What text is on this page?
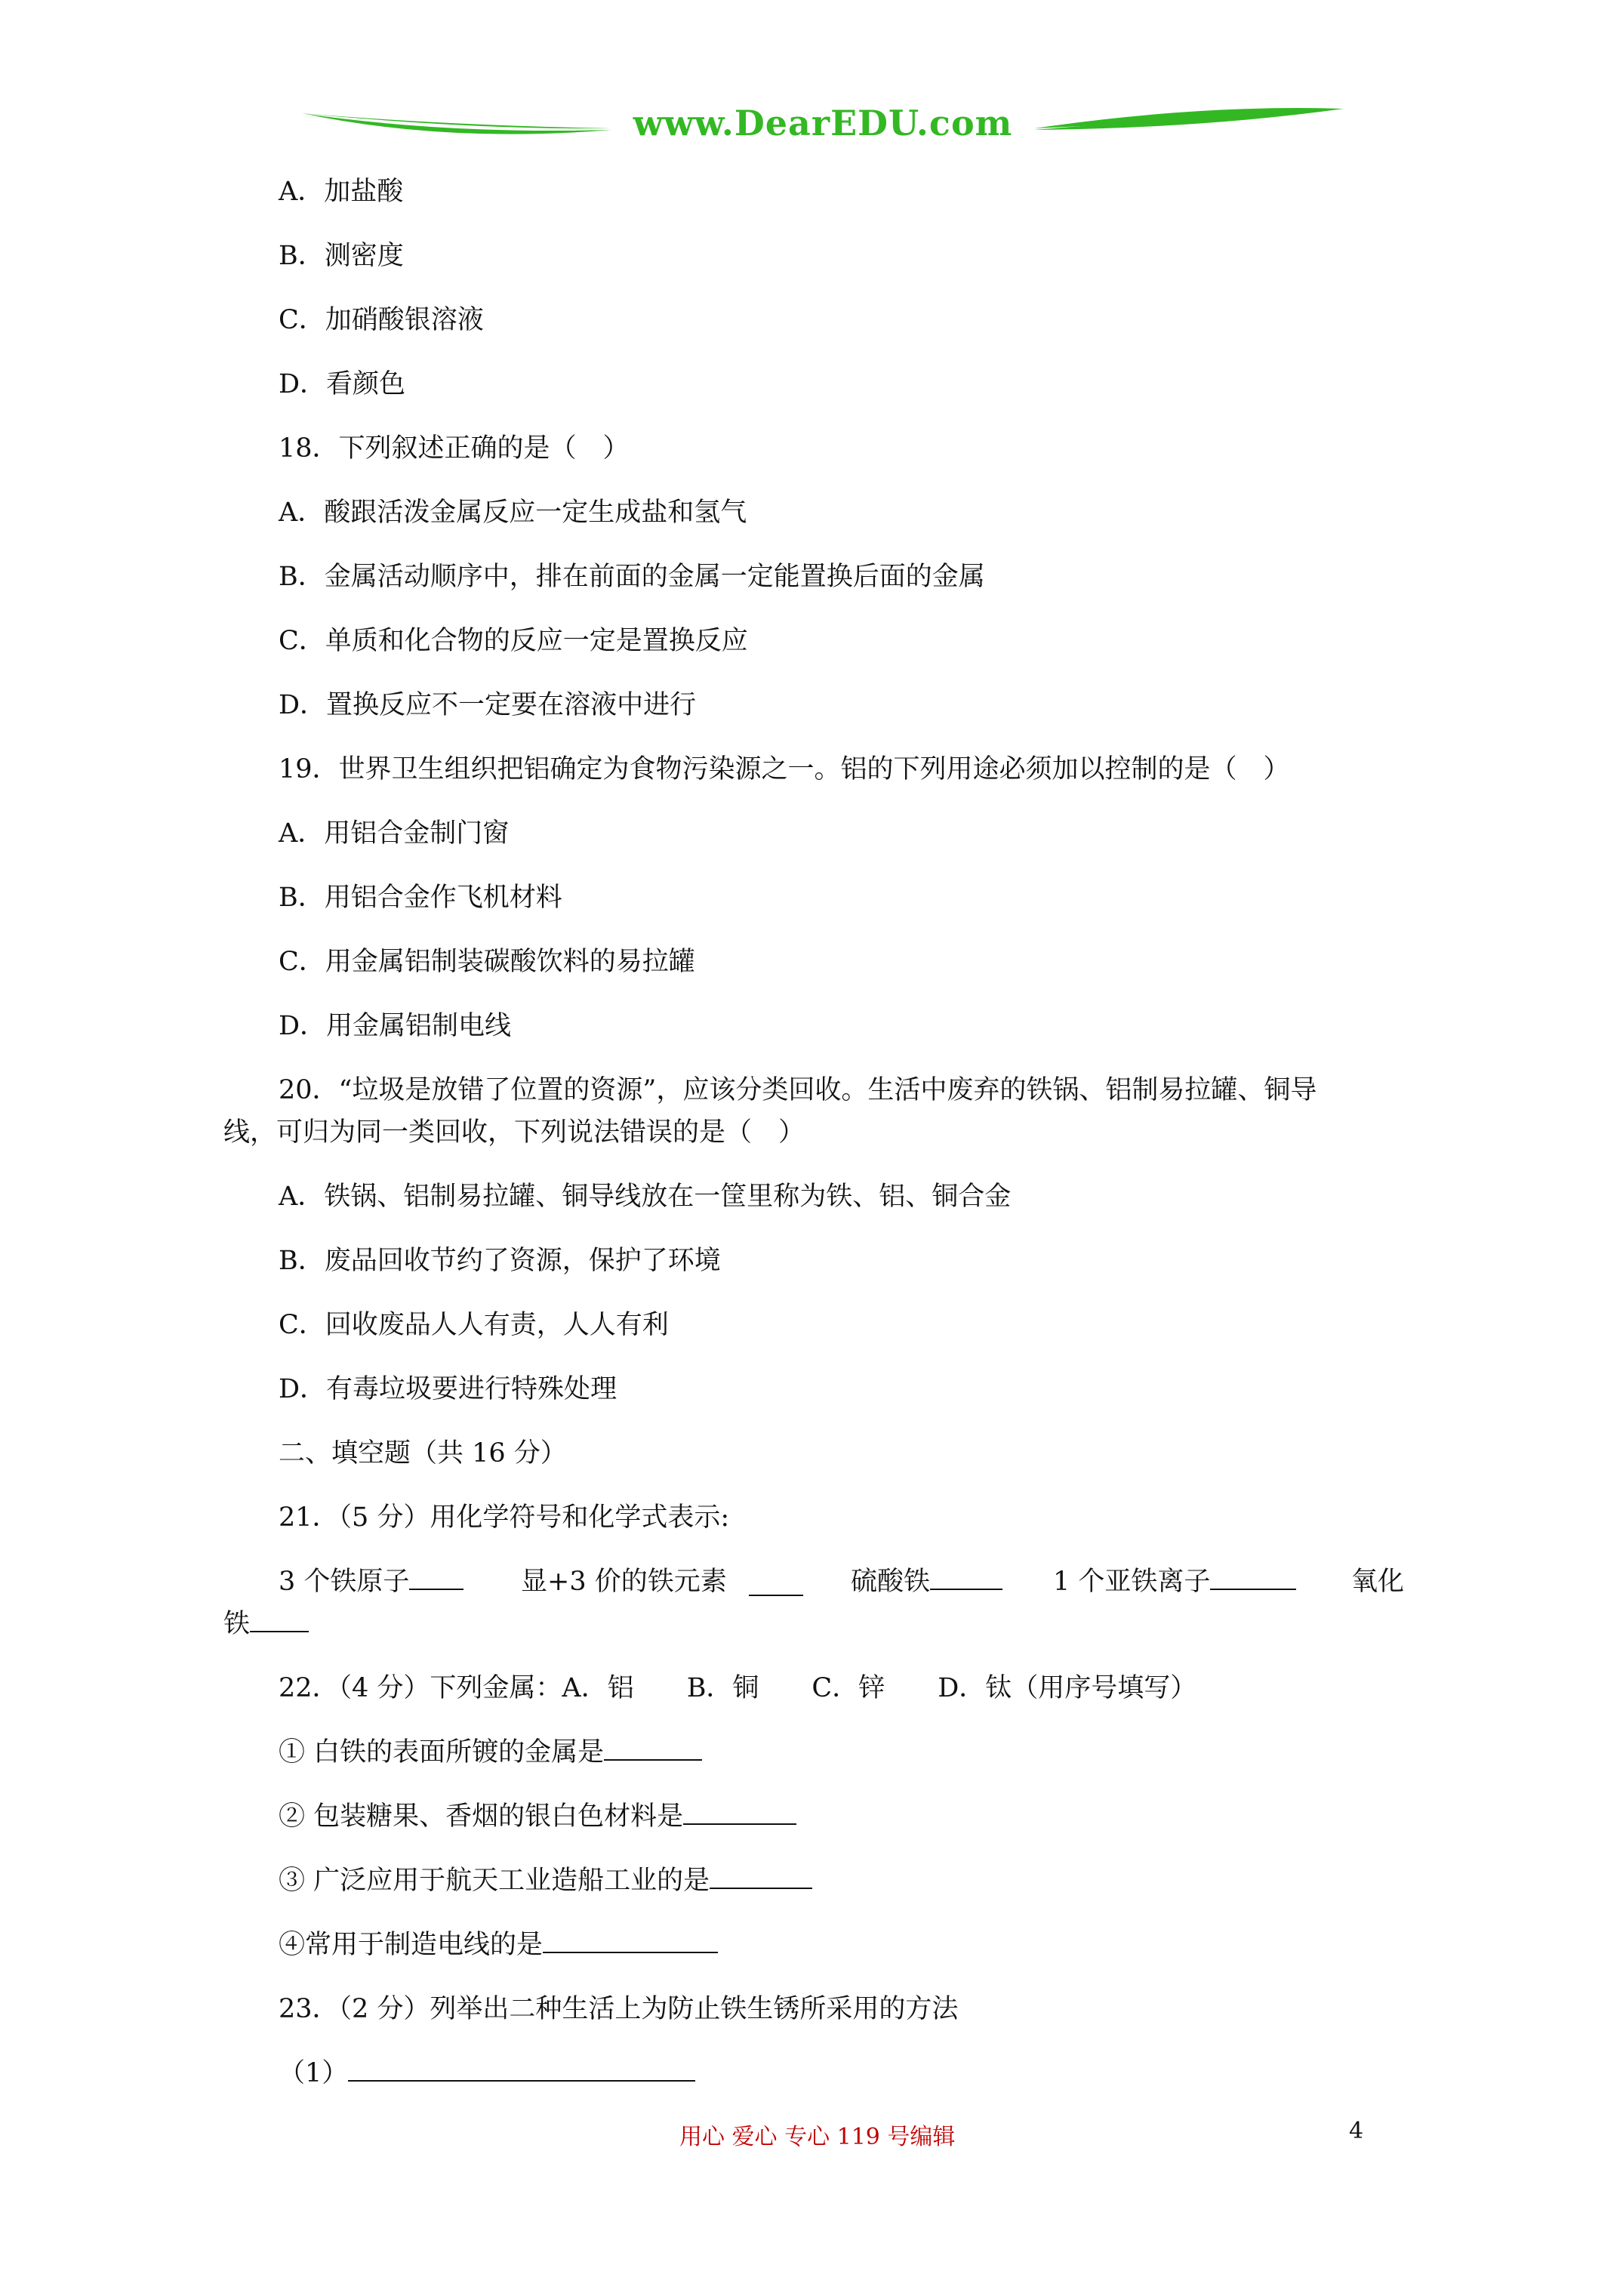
www.DearEDU.com
A．加盐酸
B．测密度
C．加硝酸银溶液
D．看颜色
18．下列叙述正确的是（　）
A．酸跟活泼金属反应一定生成盐和氢气
B．金属活动顺序中，排在前面的金属一定能置换后面的金属
C．单质和化合物的反应一定是置换反应
D．置换反应不一定要在溶液中进行
19．世界卫生组织把铝确定为食物污染源之一。铝的下列用途必须加以控制的是（　）
A．用铝合金制门窗
B．用铝合金作飞机材料
C．用金属铝制装碳酸饮料的易拉罐
D．用金属铝制电线
20．“垃圾是放错了位置的资源”，应该分类回收。生活中废弃的铁锅、铝制易拉罐、铜导
线，可归为同一类回收，下列说法错误的是（　）
A．铁锅、铝制易拉罐、铜导线放在一筐里称为铁、铝、铜合金
B．废品回收节约了资源，保护了环境
C．回收废品人人有责，人人有利
D．有毒垃圾要进行特殊处理
二、填空题（共 16 分）
21．（5 分）用化学符号和化学式表示:
3 个铁原子	显+3 价的铁元素	硫酸铁	1 个亚铁离子	氧化
铁
22．（4 分）下列金属：A．铝　　B．铜　　C．锌　　D．钛（用序号填写）
① 白铁的表面所镀的金属是
② 包装糖果、香烟的银白色材料是
③ 广泛应用于航天工业造船工业的是
④常用于制造电线的是
23．（2 分）列举出二种生活上为防止铁生锈所采用的方法
（1）
用心 爱心 专心 119 号编辑	4
